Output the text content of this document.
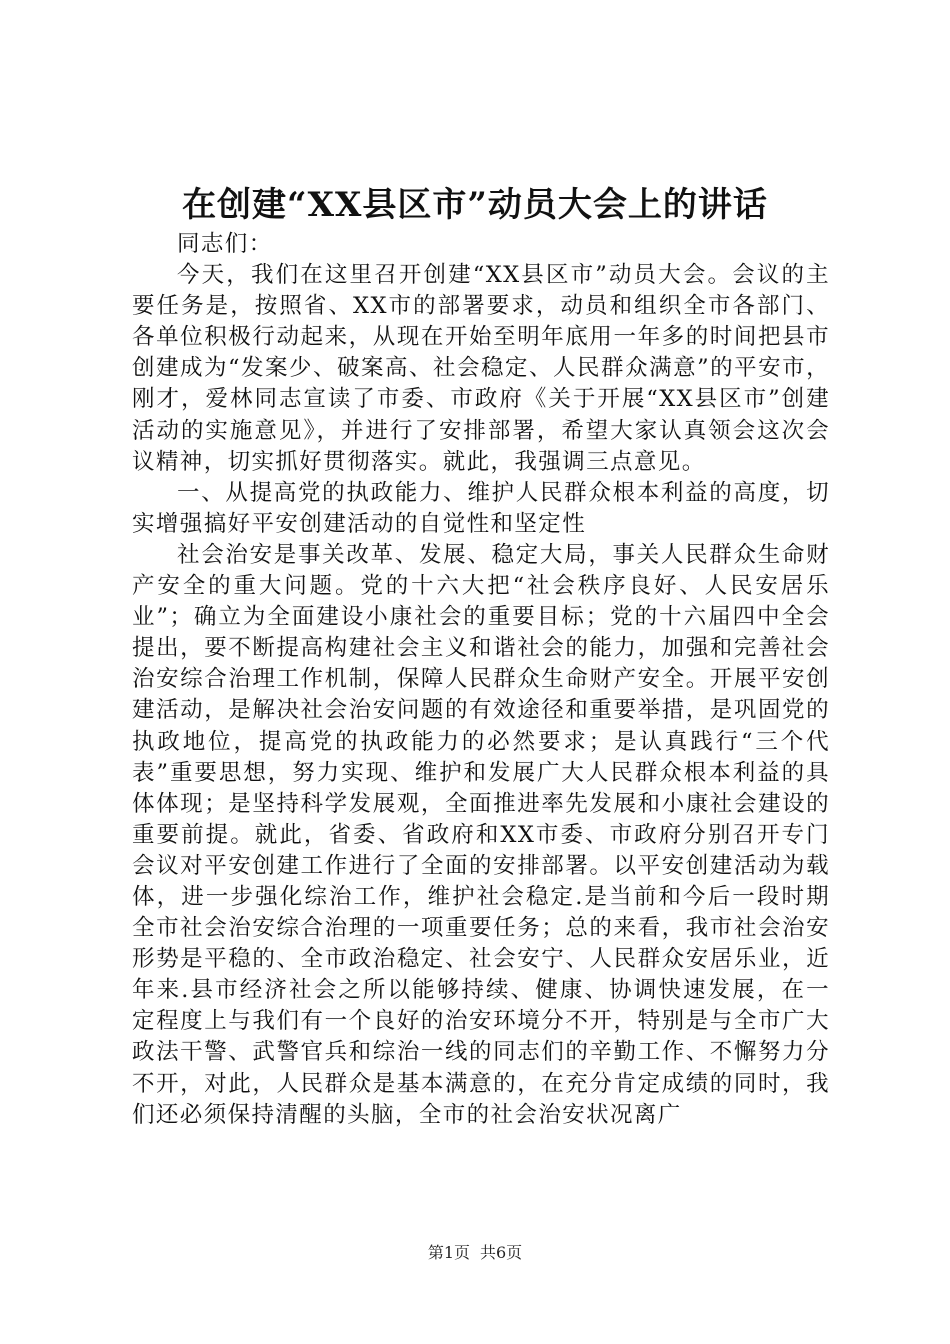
在创建“XX县区市”动员大会上的讲话

同志们：

今天，我们在这里召开创建“XX县区市”动员大会。会议的主要任务是，按照省、XX市的部署要求，动员和组织全市各部门、各单位积极行动起来，从现在开始至明年底用一年多的时间把县市创建成为“发案少、破案高、社会稳定、人民群众满意”的平安市，刚才，爱林同志宣读了市委、市政府《关于开展“XX县区市”创建活动的实施意见》，并进行了安排部署，希望大家认真领会这次会议精神，切实抓好贯彻落实。就此，我强调三点意见。

一、从提高党的执政能力、维护人民群众根本利益的高度，切实增强搞好平安创建活动的自觉性和坚定性

社会治安是事关改革、发展、稳定大局，事关人民群众生命财产安全的重大问题。党的十六大把“社会秩序良好、人民安居乐业”；确立为全面建设小康社会的重要目标；党的十六届四中全会提出，要不断提高构建社会主义和谐社会的能力，加强和完善社会治安综合治理工作机制，保障人民群众生命财产安全。开展平安创建活动，是解决社会治安问题的有效途径和重要举措，是巩固党的执政地位，提高党的执政能力的必然要求；是认真践行“三个代表”重要思想，努力实现、维护和发展广大人民群众根本利益的具体体现；是坚持科学发展观，全面推进率先发展和小康社会建设的重要前提。就此，省委、省政府和XX市委、市政府分别召开专门会议对平安创建工作进行了全面的安排部署。以平安创建活动为载体，进一步强化综治工作，维护社会稳定.是当前和今后一段时期全市社会治安综合治理的一项重要任务；总的来看，我市社会治安形势是平稳的、全市政治稳定、社会安宁、人民群众安居乐业，近年来.县市经济社会之所以能够持续、健康、协调快速发展，在一定程度上与我们有一个良好的治安环境分不开，特别是与全市广大政法干警、武警官兵和综治一线的同志们的辛勤工作、不懈努力分不开，对此，人民群众是基本满意的，在充分肯定成绩的同时，我们还必须保持清醒的头脑，全市的社会治安状况离广

第1页 共6页
